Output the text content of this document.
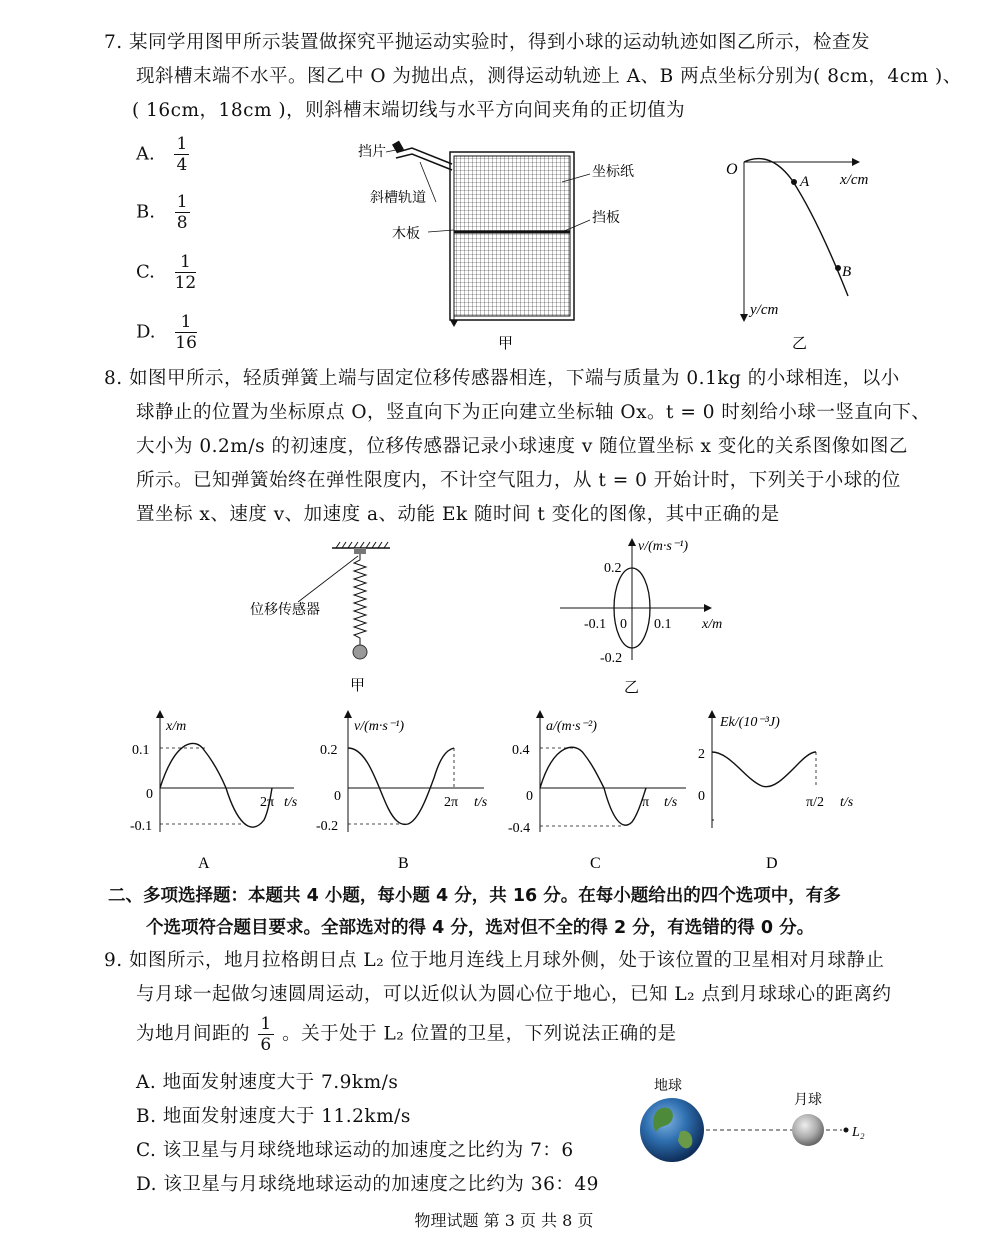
7. 某同学用图甲所示装置做探究平抛运动实验时，得到小球的运动轨迹如图乙所示，检查发
现斜槽末端不水平。图乙中 O 为抛出点，测得运动轨迹上 A、B 两点坐标分别为( 8cm，4cm )、
( 16cm，18cm )，则斜槽末端切线与水平方向间夹角的正切值为
A. $\frac{1}{4}$
B. $\frac{1}{8}$
C. $\frac{1}{12}$
D. $\frac{1}{16}$
挡片
斜槽轨道
木板
坐标纸
挡板
甲
O
A
B
x/cm
y/cm
乙
8. 如图甲所示，轻质弹簧上端与固定位移传感器相连，下端与质量为 0.1kg 的小球相连，以小
球静止的位置为坐标原点 O，竖直向下为正向建立坐标轴 Ox。t = 0 时刻给小球一竖直向下、
大小为 0.2m/s 的初速度，位移传感器记录小球速度 v 随位置坐标 x 变化的关系图像如图乙
所示。已知弹簧始终在弹性限度内，不计空气阻力，从 t = 0 开始计时，下列关于小球的位
置坐标 x、速度 v、加速度 a、动能 Ek 随时间 t 变化的图像，其中正确的是
位移传感器
甲
v/(m·s⁻¹)
0.2
-0.2
-0.1 0 0.1 x/m
乙
x/m
0.1
0
-0.1
2π t/s
A
v/(m·s⁻¹)
0.2
0
-0.2
2π t/s
B
a/(m·s⁻²)
0.4
0
-0.4
π t/s
C
Ek/(10⁻³J)
2
0	π/2 t/s
D
二、多项选择题：本题共 4 小题，每小题 4 分，共 16 分。在每小题给出的四个选项中，有多
个选项符合题目要求。全部选对的得 4 分，选对但不全的得 2 分，有选错的得 0 分。
9. 如图所示，地月拉格朗日点 L₂ 位于地月连线上月球外侧，处于该位置的卫星相对月球静止
与月球一起做匀速圆周运动，可以近似认为圆心位于地心，已知 L₂ 点到月球球心的距离约
为地月间距的 $\frac{1}{6}$ 。关于处于 L₂ 位置的卫星，下列说法正确的是
A. 地面发射速度大于 7.9km/s
B. 地面发射速度大于 11.2km/s
C. 该卫星与月球绕地球运动的加速度之比约为 7：6
D. 该卫星与月球绕地球运动的加速度之比约为 36：49
地球
月球
L₂
物理试题 第 3 页 共 8 页
